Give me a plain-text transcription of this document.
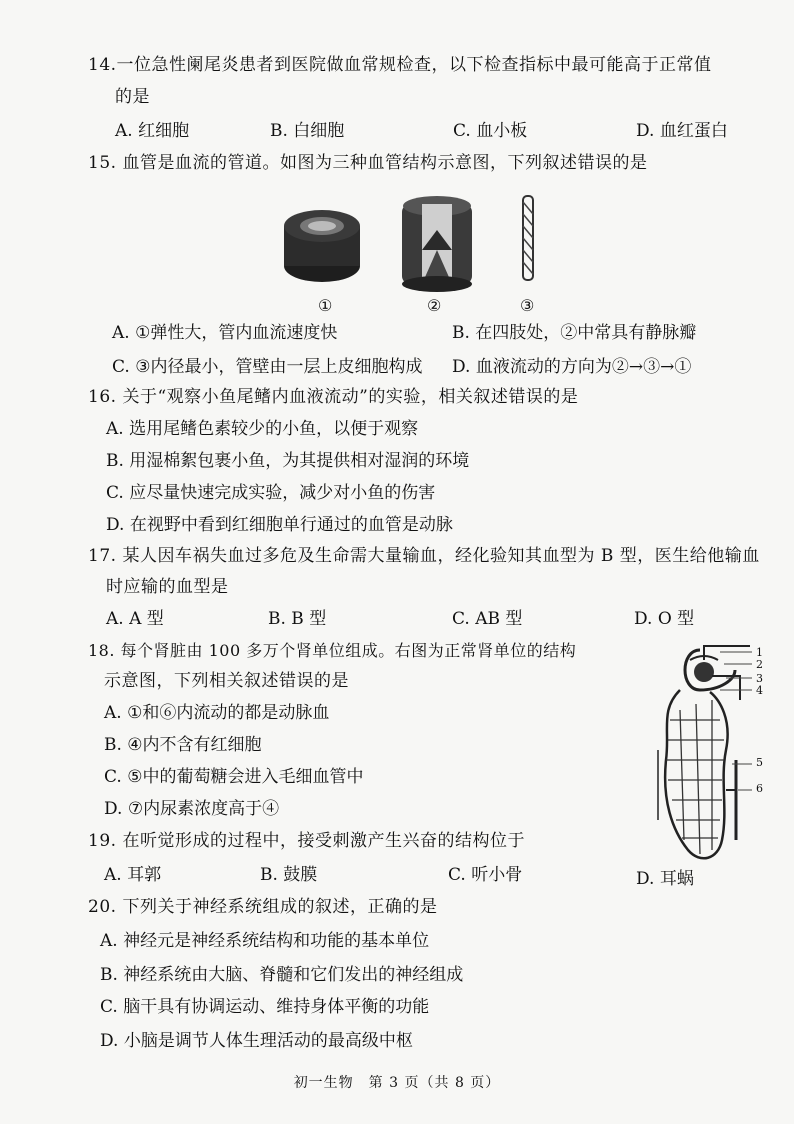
14.一位急性阑尾炎患者到医院做血常规检查，以下检查指标中最可能高于正常值
的是
A. 红细胞	B. 白细胞	C. 血小板	D. 血红蛋白
15. 血管是血流的管道。如图为三种血管结构示意图，下列叙述错误的是
①	②	③
A. ①弹性大，管内血流速度快	B. 在四肢处，②中常具有静脉瓣
C. ③内径最小，管壁由一层上皮细胞构成 D. 血液流动的方向为②→③→①
16. 关于“观察小鱼尾鳍内血液流动”的实验，相关叙述错误的是
A. 选用尾鳍色素较少的小鱼，以便于观察
B. 用湿棉絮包裹小鱼，为其提供相对湿润的环境
C. 应尽量快速完成实验，减少对小鱼的伤害
D. 在视野中看到红细胞单行通过的血管是动脉
17. 某人因车祸失血过多危及生命需大量输血，经化验知其血型为 B 型，医生给他输血
时应输的血型是
A. A 型	B. B 型	C. AB 型	D. O 型
18. 每个肾脏由 100 多万个肾单位组成。右图为正常肾单位的结构
示意图，下列相关叙述错误的是
A. ①和⑥内流动的都是动脉血
B. ④内不含有红细胞
C. ⑤中的葡萄糖会进入毛细血管中
D. ⑦内尿素浓度高于④
1
2
3
4
5
6
19. 在听觉形成的过程中，接受刺激产生兴奋的结构位于
A. 耳郭	B. 鼓膜	C. 听小骨	D. 耳蜗
20. 下列关于神经系统组成的叙述，正确的是
A. 神经元是神经系统结构和功能的基本单位
B. 神经系统由大脑、脊髓和它们发出的神经组成
C. 脑干具有协调运动、维持身体平衡的功能
D. 小脑是调节人体生理活动的最高级中枢
初一生物　第 3 页（共 8 页）
